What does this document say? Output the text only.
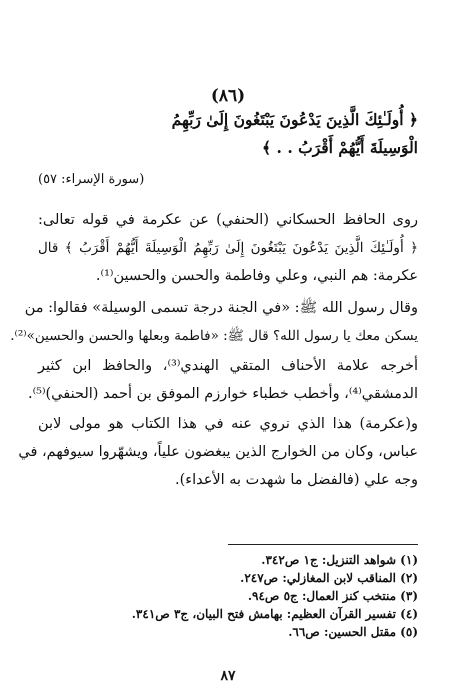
(٨٦)
﴿ أُولَـٰئِكَ الَّذِينَ يَدْعُونَ يَبْتَغُونَ إِلَىٰ رَبِّهِمُ
الْوَسِيلَةَ أَيُّهُمْ أَقْرَبُ . . ﴾
(سورة الإسراء: ٥٧)
روى الحافظ الحسكاني (الحنفي) عن عكرمة في قوله تعالى:
﴿ أُولَـٰئِكَ الَّذِينَ يَدْعُونَ يَبْتَغُونَ إِلَىٰ رَبِّهِمُ الْوَسِيلَةَ أَيُّهُمْ أَقْرَبُ ﴾ قال
عكرمة: هم النبي، وعلي وفاطمة والحسن والحسين⁽¹⁾.
وقال رسول الله ﷺ: «في الجنة درجة تسمى الوسيلة» فقالوا: من
يسكن معك يا رسول الله؟ قال ﷺ: «فاطمة وبعلها والحسن والحسين»⁽²⁾.
أخرجه علامة الأحناف المتقي الهندي⁽³⁾، والحافظ ابن كثير
الدمشقي⁽⁴⁾، وأخطب خطباء خوارزم الموفق بن أحمد (الحنفي)⁽⁵⁾.
و(عكرمة) هذا الذي نروي عنه في هذا الكتاب هو مولى لابن
عباس، وكان من الخوارج الذين يبغضون علياً، ويشهّروا سيوفهم، في
وجه علي (فالفضل ما شهدت به الأعداء).
(١) شواهد التنزيل: ج١ ص٣٤٢.
(٢) المناقب لابن المغازلي: ص٢٤٧.
(٣) منتخب كنز العمال: ج٥ ص٩٤.
(٤) تفسير القرآن العظيم: بهامش فتح البيان، ج٣ ص٣٤١.
(٥) مقتل الحسين: ص٦٦.
٨٧
